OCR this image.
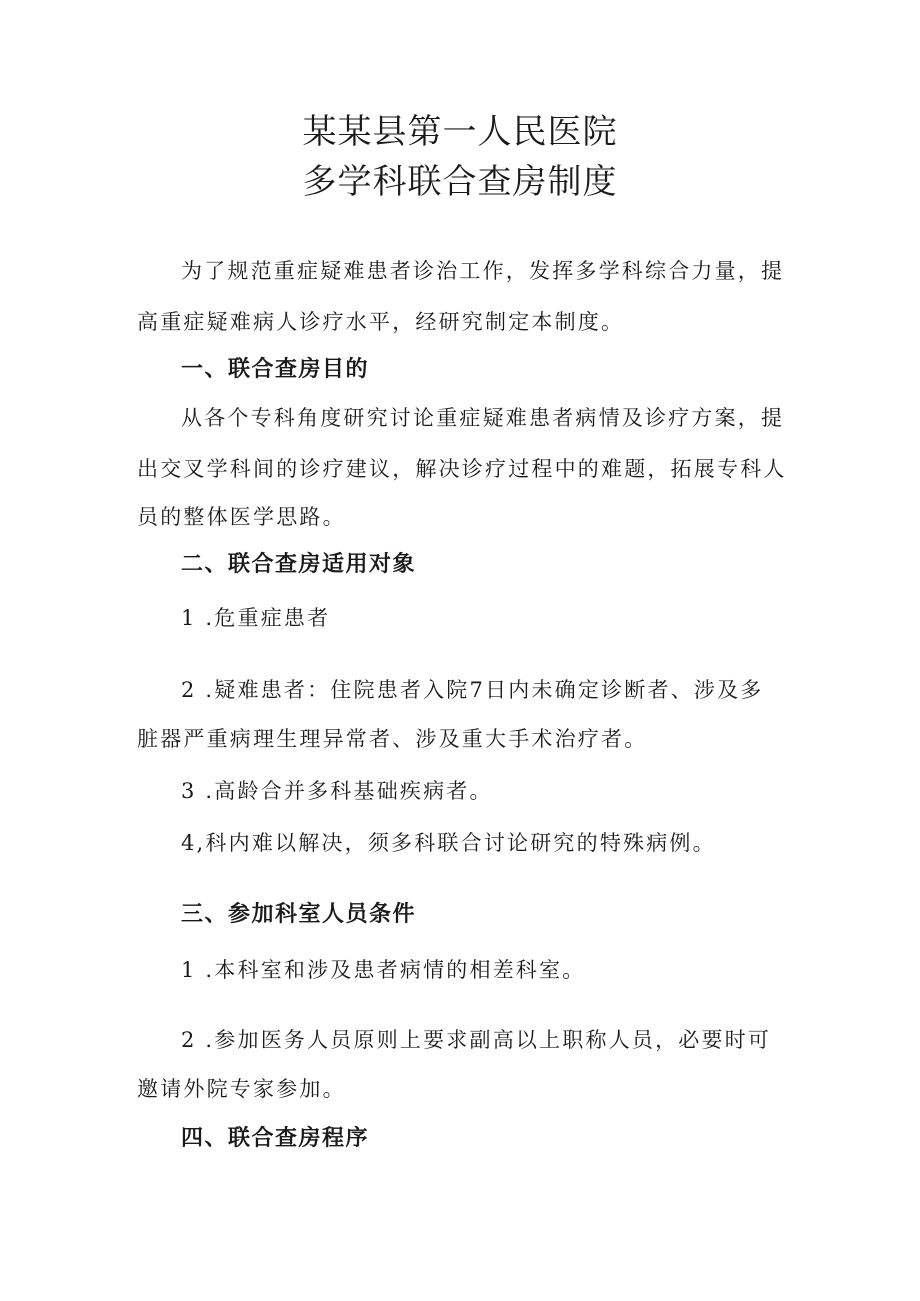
某某县第一人民医院
多学科联合查房制度
为了规范重症疑难患者诊治工作，发挥多学科综合力量，提
高重症疑难病人诊疗水平，经研究制定本制度。
一、联合查房目的
从各个专科角度研究讨论重症疑难患者病情及诊疗方案，提
出交叉学科间的诊疗建议，解决诊疗过程中的难题，拓展专科人
员的整体医学思路。
二、联合查房适用对象
1 .危重症患者
2 .疑难患者：住院患者入院7日内未确定诊断者、涉及多
脏器严重病理生理异常者、涉及重大手术治疗者。
3 .高龄合并多科基础疾病者。
4,科内难以解决，须多科联合讨论研究的特殊病例。
三、参加科室人员条件
1 .本科室和涉及患者病情的相差科室。
2 .参加医务人员原则上要求副高以上职称人员，必要时可
邀请外院专家参加。
四、联合查房程序
